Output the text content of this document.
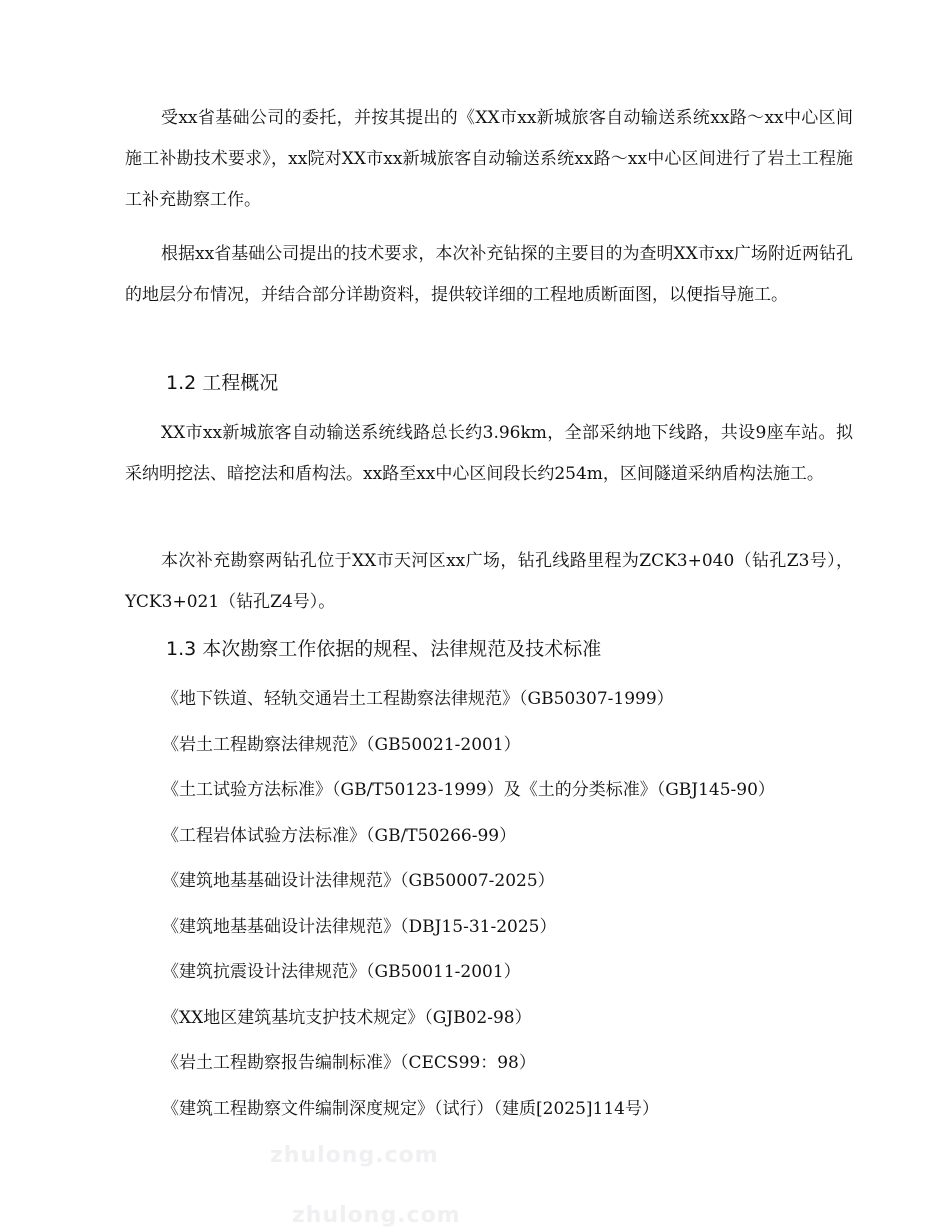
受xx省基础公司的委托，并按其提出的《XX市xx新城旅客自动输送系统xx路～xx中心区间施工补勘技术要求》，xx院对XX市xx新城旅客自动输送系统xx路～xx中心区间进行了岩土工程施工补充勘察工作。

根据xx省基础公司提出的技术要求，本次补充钻探的主要目的为查明XX市xx广场附近两钻孔的地层分布情况，并结合部分详勘资料，提供较详细的工程地质断面图，以便指导施工。

1.2 工程概况

XX市xx新城旅客自动输送系统线路总长约3.96km，全部采纳地下线路，共设9座车站。拟采纳明挖法、暗挖法和盾构法。xx路至xx中心区间段长约254m，区间隧道采纳盾构法施工。

本次补充勘察两钻孔位于XX市天河区xx广场，钻孔线路里程为ZCK3+040（钻孔Z3号），YCK3+021（钻孔Z4号）。

1.3 本次勘察工作依据的规程、法律规范及技术标准
《地下铁道、轻轨交通岩土工程勘察法律规范》（GB50307-1999）
《岩土工程勘察法律规范》（GB50021-2001）
《土工试验方法标准》（GB/T50123-1999）及《土的分类标准》（GBJ145-90）
《工程岩体试验方法标准》（GB/T50266-99）
《建筑地基基础设计法律规范》（GB50007-2025）
《建筑地基基础设计法律规范》（DBJ15-31-2025）
《建筑抗震设计法律规范》（GB50011-2001）
《XX地区建筑基坑支护技术规定》（GJB02-98）
《岩土工程勘察报告编制标准》（CECS99：98）
《建筑工程勘察文件编制深度规定》（试行）（建质[2025]114号）
zhulong.com
zhulong.com
